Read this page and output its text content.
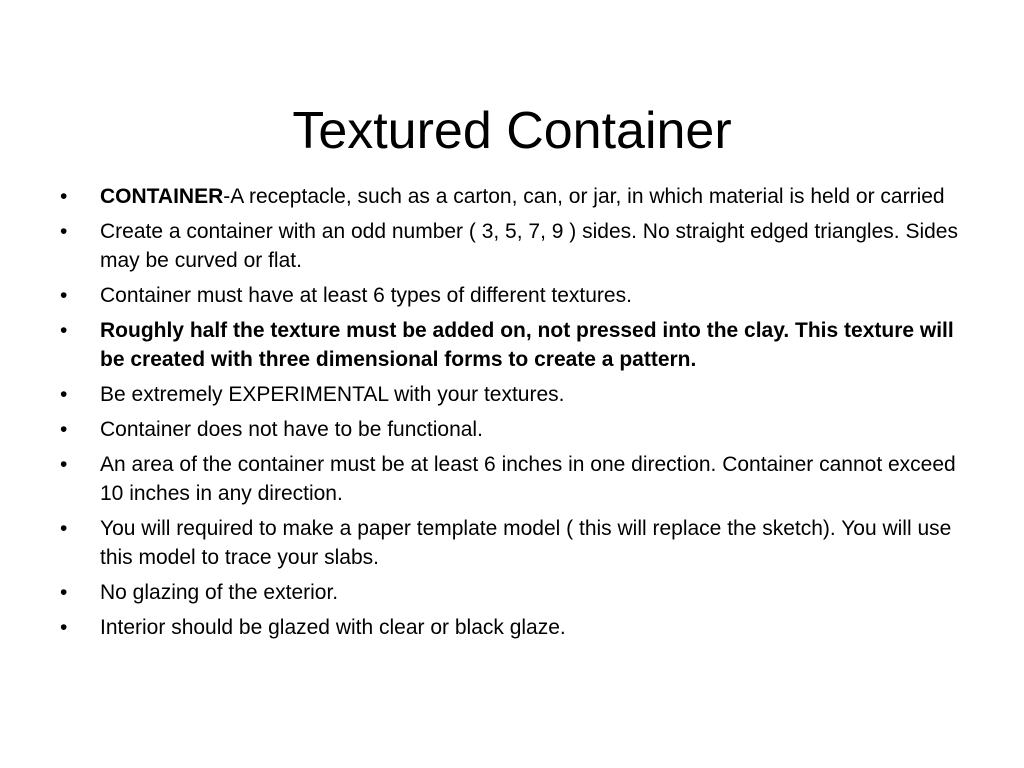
Textured Container
•	CONTAINER-A receptacle, such as a carton, can, or jar, in which material is held or carried
•	Create a container with an odd number ( 3, 5, 7, 9 ) sides. No straight edged triangles. Sides may be curved or flat.
•	Container must have at least 6 types of different textures.
•	Roughly half the texture must be added on, not pressed into the clay. This texture will be created with three dimensional forms to create a pattern.
•	Be extremely EXPERIMENTAL with your textures.
•	Container does not have to be functional.
•	An area of the container must be at least 6 inches in one direction. Container cannot exceed 10 inches in any direction.
•	You will required to make a paper template model ( this will replace the sketch). You will use this model to trace your slabs.
•	No glazing of the exterior.
•	Interior should be glazed with clear or black glaze.
